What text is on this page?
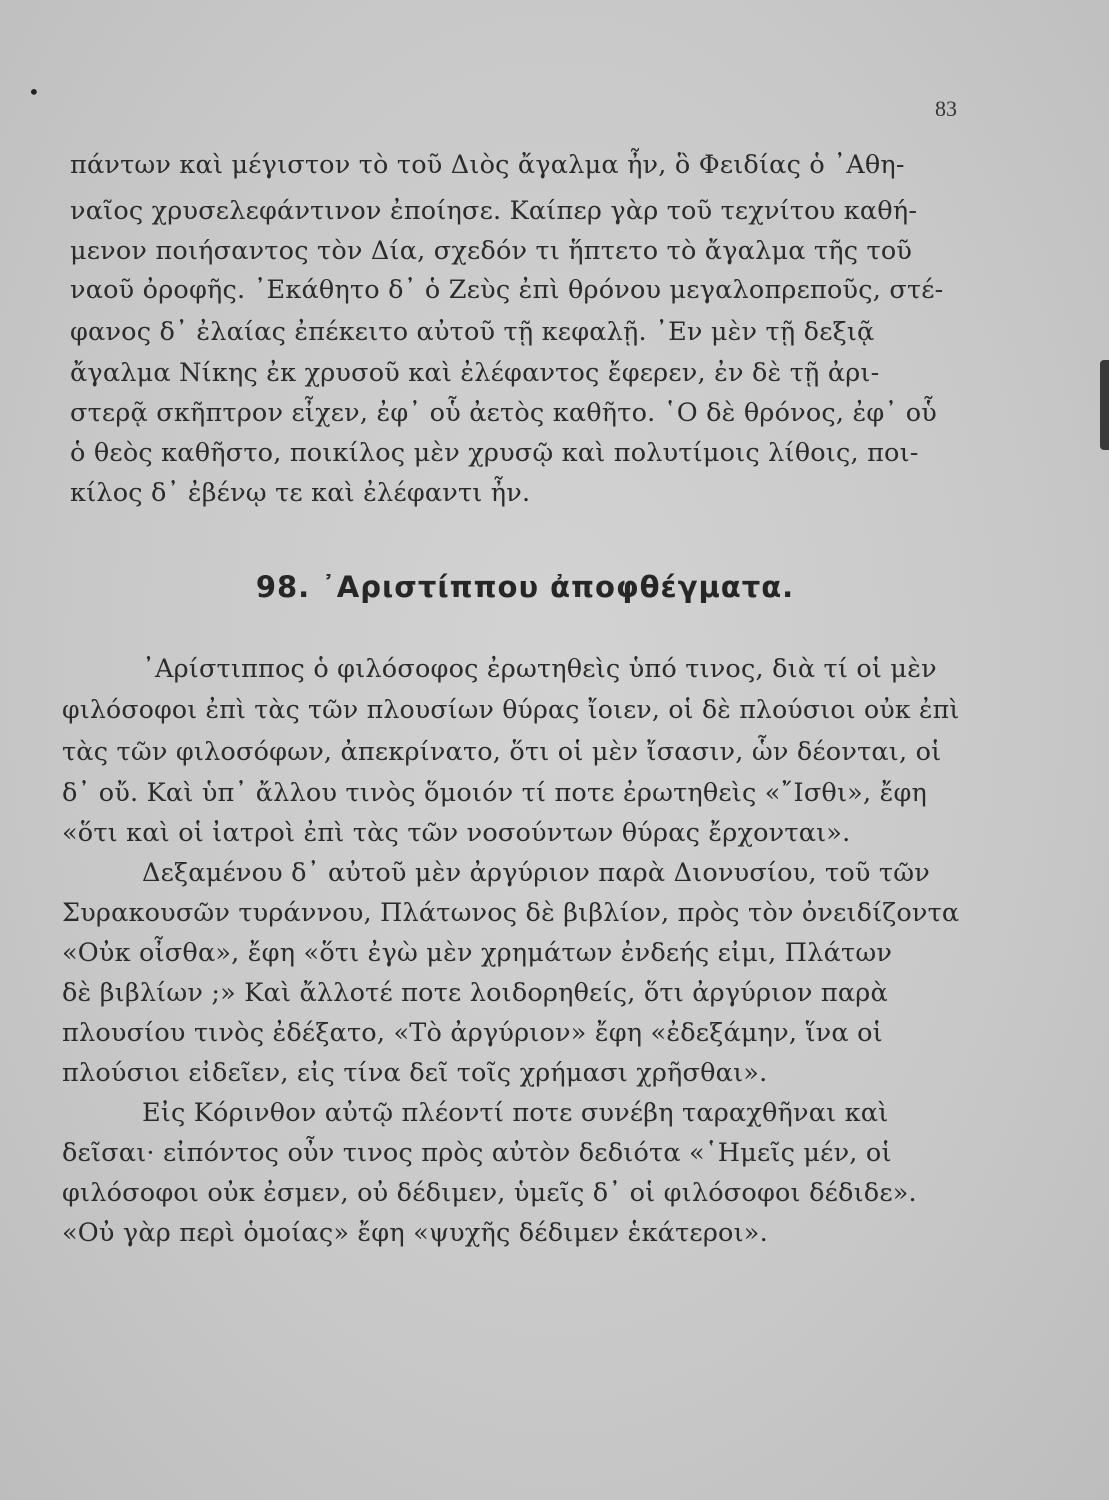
•
83
πάντων καὶ μέγιστον τὸ τοῦ Διὸς ἄγαλμα ἦν, ὃ Φειδίας ὁ ᾿Αθη-
ναῖος χρυσελεφάντινον ἐποίησε. Καίπερ γὰρ τοῦ τεχνίτου καθή-
μενον ποιήσαντος τὸν Δία, σχεδόν τι ἥπτετο τὸ ἄγαλμα τῆς τοῦ
ναοῦ ὀροφῆς. ᾿Εκάθητο δ᾿ ὁ Ζεὺς ἐπὶ θρόνου μεγαλοπρεποῦς, στέ-
φανος δ᾿ ἐλαίας ἐπέκειτο αὐτοῦ τῇ κεφαλῇ. ᾿Εν μὲν τῇ δεξιᾷ
ἄγαλμα Νίκης ἐκ χρυσοῦ καὶ ἐλέφαντος ἔφερεν, ἐν δὲ τῇ ἀρι-
στερᾷ σκῆπτρον εἶχεν, ἐφ᾿ οὗ ἀετὸς καθῆτο. ῾Ο δὲ θρόνος, ἐφ᾿ οὗ
ὁ θεὸς καθῆστο, ποικίλος μὲν χρυσῷ καὶ πολυτίμοις λίθοις, ποι-
κίλος δ᾿ ἐβένῳ τε καὶ ἐλέφαντι ἦν.
98. ᾿Αριστίππου ἀποφθέγματα.
᾿Αρίστιππος ὁ φιλόσοφος ἐρωτηθεὶς ὑπό τινος, διὰ τί οἱ μὲν
φιλόσοφοι ἐπὶ τὰς τῶν πλουσίων θύρας ἴοιεν, οἱ δὲ πλούσιοι οὐκ ἐπὶ
τὰς τῶν φιλοσόφων, ἀπεκρίνατο, ὅτι οἱ μὲν ἴσασιν, ὧν δέονται, οἱ
δ᾿ οὔ. Καὶ ὑπ᾿ ἄλλου τινὸς ὅμοιόν τί ποτε ἐρωτηθεὶς «῎Ισθι», ἔφη
«ὅτι καὶ οἱ ἰατροὶ ἐπὶ τὰς τῶν νοσούντων θύρας ἔρχονται».
Δεξαμένου δ᾿ αὐτοῦ μὲν ἀργύριον παρὰ Διονυσίου, τοῦ τῶν
Συρακουσῶν τυράννου, Πλάτωνος δὲ βιβλίον, πρὸς τὸν ὀνειδίζοντα
«Οὐκ οἶσθα», ἔφη «ὅτι ἐγὼ μὲν χρημάτων ἐνδεής εἰμι, Πλάτων
δὲ βιβλίων ;» Καὶ ἄλλοτέ ποτε λοιδορηθείς, ὅτι ἀργύριον παρὰ
πλουσίου τινὸς ἐδέξατο, «Τὸ ἀργύριον» ἔφη «ἐδεξάμην, ἵνα οἱ
πλούσιοι εἰδεῖεν, εἰς τίνα δεῖ τοῖς χρήμασι χρῆσθαι».
Εἰς Κόρινθον αὐτῷ πλέοντί ποτε συνέβη ταραχθῆναι καὶ
δεῖσαι· εἰπόντος οὖν τινος πρὸς αὐτὸν δεδιότα «῾Ημεῖς μέν, οἱ
φιλόσοφοι οὐκ ἐσμεν, οὐ δέδιμεν, ὑμεῖς δ᾿ οἱ φιλόσοφοι δέδιδε».
«Οὐ γὰρ περὶ ὁμοίας» ἔφη «ψυχῆς δέδιμεν ἑκάτεροι».
